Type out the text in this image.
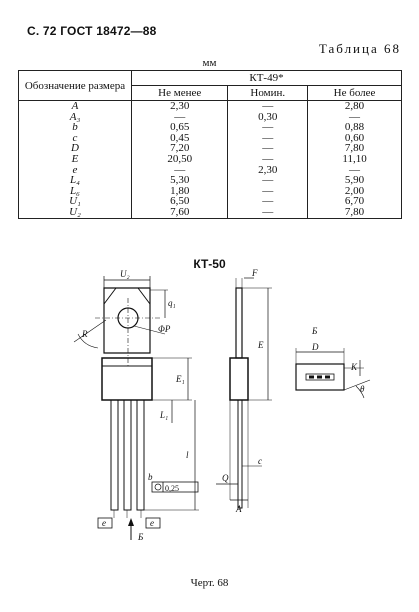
С. 72 ГОСТ 18472—88
Таблица 68
мм
Обозначение размера	КТ-49*		
	Не менее	Номин.	Не более
A	2,30	—	2,80
A₃	—	0,30	—
b	0,65	—	0,88
c	0,45	—	0,60
D	7,20	—	7,80
E	20,50	—	11,10
e	—	2,30	—
L₄	5,30	—	5,90
L₆	1,80	—	2,00
U₁	6,50	—	6,70
U₂	7,60	—	7,80
КТ-50
U₂
q₁
ΦP
R
E₁
L₁
l
b
0,25
e	e
Б
F
E
c
Q
A
Б
D
K
θ
Черт. 68
